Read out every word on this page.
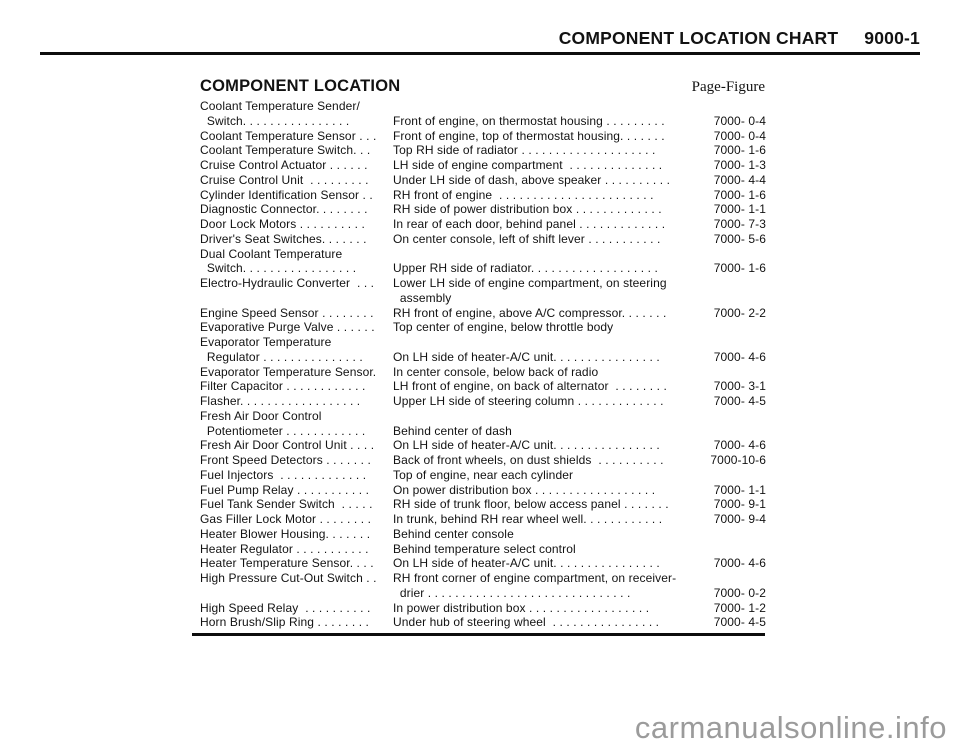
COMPONENT LOCATION CHART 9000-1
COMPONENT LOCATION	Page-Figure
Coolant Temperature Sender/
Switch. . . . . . . . . . . . . . . .	Front of engine, on thermostat housing . . . . . . . . .	7000- 0-4
Coolant Temperature Sensor . . .	Front of engine, top of thermostat housing. . . . . . .	7000- 0-4
Coolant Temperature Switch. . .	Top RH side of radiator . . . . . . . . . . . . . . . . . . . .	7000- 1-6
Cruise Control Actuator . . . . . .	LH side of engine compartment  . . . . . . . . . . . . . .	7000- 1-3
Cruise Control Unit  . . . . . . . . .	Under LH side of dash, above speaker . . . . . . . . . .	7000- 4-4
Cylinder Identification Sensor . .	RH front of engine  . . . . . . . . . . . . . . . . . . . . . . .	7000- 1-6
Diagnostic Connector. . . . . . . .	RH side of power distribution box . . . . . . . . . . . . .	7000- 1-1
Door Lock Motors . . . . . . . . . .	In rear of each door, behind panel . . . . . . . . . . . . .	7000- 7-3
Driver's Seat Switches. . . . . . .	On center console, left of shift lever . . . . . . . . . . .	7000- 5-6
Dual Coolant Temperature
Switch. . . . . . . . . . . . . . . . .	Upper RH side of radiator. . . . . . . . . . . . . . . . . . .	7000- 1-6
Electro-Hydraulic Converter  . . .	Lower LH side of engine compartment, on steering
assembly
Engine Speed Sensor . . . . . . . .	RH front of engine, above A/C compressor. . . . . . .	7000- 2-2
Evaporative Purge Valve . . . . . .	Top center of engine, below throttle body
Evaporator Temperature
Regulator . . . . . . . . . . . . . . .	On LH side of heater-A/C unit. . . . . . . . . . . . . . . .	7000- 4-6
Evaporator Temperature Sensor.	In center console, below back of radio
Filter Capacitor . . . . . . . . . . . .	LH front of engine, on back of alternator  . . . . . . . .	7000- 3-1
Flasher. . . . . . . . . . . . . . . . . .	Upper LH side of steering column . . . . . . . . . . . . .	7000- 4-5
Fresh Air Door Control
Potentiometer . . . . . . . . . . . .	Behind center of dash
Fresh Air Door Control Unit . . . .	On LH side of heater-A/C unit. . . . . . . . . . . . . . . .	7000- 4-6
Front Speed Detectors . . . . . . .	Back of front wheels, on dust shields  . . . . . . . . . .	7000-10-6
Fuel Injectors  . . . . . . . . . . . . .	Top of engine, near each cylinder
Fuel Pump Relay . . . . . . . . . . .	On power distribution box . . . . . . . . . . . . . . . . . .	7000- 1-1
Fuel Tank Sender Switch  . . . . .	RH side of trunk floor, below access panel . . . . . . .	7000- 9-1
Gas Filler Lock Motor . . . . . . . .	In trunk, behind RH rear wheel well. . . . . . . . . . . .	7000- 9-4
Heater Blower Housing. . . . . . .	Behind center console
Heater Regulator . . . . . . . . . . .	Behind temperature select control
Heater Temperature Sensor. . . .	On LH side of heater-A/C unit. . . . . . . . . . . . . . . .	7000- 4-6
High Pressure Cut-Out Switch . .	RH front corner of engine compartment, on receiver-
drier . . . . . . . . . . . . . . . . . . . . . . . . . . . . . .	7000- 0-2
High Speed Relay  . . . . . . . . . .	In power distribution box . . . . . . . . . . . . . . . . . .	7000- 1-2
Horn Brush/Slip Ring . . . . . . . .	Under hub of steering wheel  . . . . . . . . . . . . . . . .	7000- 4-5
carmanualsonline.info
